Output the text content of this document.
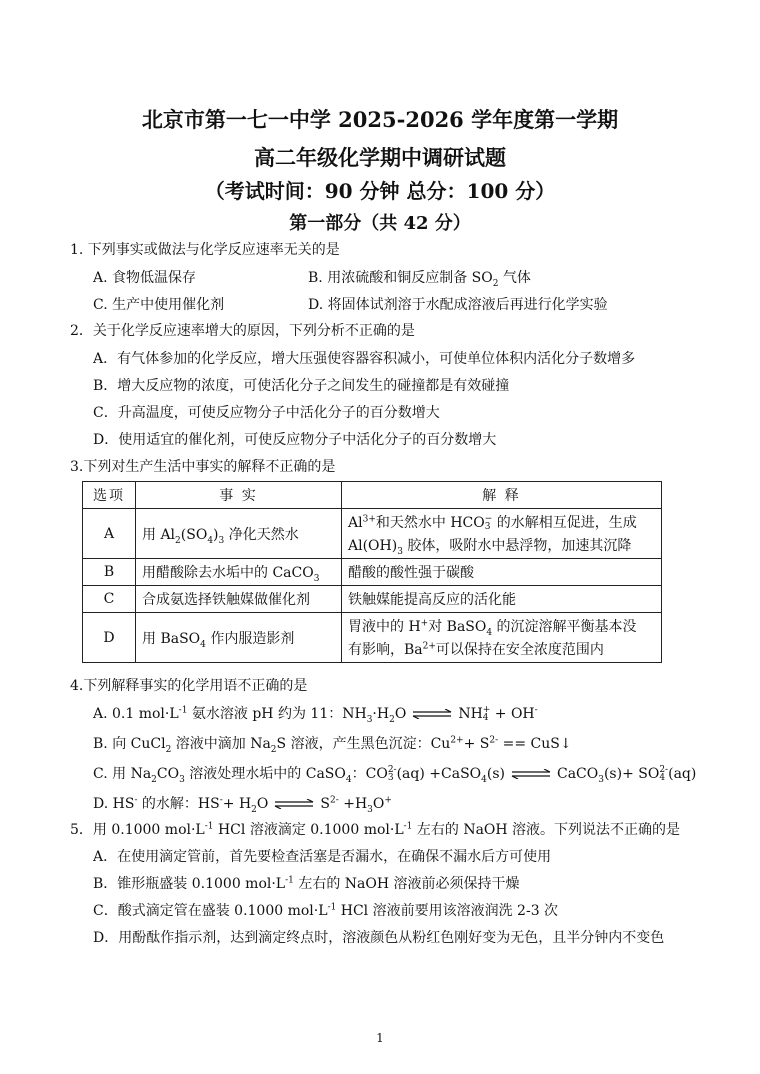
北京市第一七一中学 2025-2026 学年度第一学期
高二年级化学期中调研试题
（考试时间：90 分钟 总分：100 分）
第一部分（共 42 分）
1. 下列事实或做法与化学反应速率无关的是
A. 食物低温保存	B. 用浓硫酸和铜反应制备 $SO_2$ 气体
C. 生产中使用催化剂	D. 将固体试剂溶于水配成溶液后再进行化学实验
2．关于化学反应速率增大的原因，下列分析不正确的是
A．有气体参加的化学反应，增大压强使容器容积减小，可使单位体积内活化分子数增多
B．增大反应物的浓度，可使活化分子之间发生的碰撞都是有效碰撞
C．升高温度，可使反应物分子中活化分子的百分数增大
D．使用适宜的催化剂，可使反应物分子中活化分子的百分数增大
3.下列对生产生活中事实的解释不正确的是
选项	事 实	解 释
A	用 $Al_2(SO_4)_3$ 净化天然水	$Al^{3+}$和天然水中 HCO −
3 的水解相互促进，生成
$Al(OH)_3$ 胶体，吸附水中悬浮物，加速其沉降

B	用醋酸除去水垢中的 CaCO$_3$	醋酸的酸性强于碳酸
C	合成氨选择铁触媒做催化剂	铁触媒能提高反应的活化能
D	用 BaSO$_4$ 作内服造影剂	胃液中的 H+对 BaSO$_4$ 的沉淀溶解平衡基本没
有影响，$Ba^{2+}$可以保持在安全浓度范围内
4.下列解释事实的化学用语不正确的是
A. 0.1 $mol\cdot L^{-1}$ 氨水溶液 pH 约为 11：$NH_3\cdot H_2O$ ⇌ NH +
4 + OH-
B. 向 CuCl$_2$ 溶液中滴加 $Na_2S$ 溶液，产生黑色沉淀：$Cu^{2+}+ S^{2-}$ == CuS↓
C. 用 $Na_2CO_3$ 溶液处理水垢中的 CaSO$_4$：CO 2-
3 (aq) +CaSO$_4$(s) ⇌ CaCO$_3$(s)+ SO 2-
4 (aq)
D. HS- 的水解：$HS^-+ H_2O$ ⇌ $S^{2-} +H_3O^+$
5．用 0.1000 $mol\cdot L^{-1}$ HCl 溶液滴定 0.1000 $mol\cdot L^{-1}$ 左右的 NaOH 溶液。下列说法不正确的是
A．在使用滴定管前，首先要检查活塞是否漏水，在确保不漏水后方可使用
B．锥形瓶盛装 0.1000 $mol\cdot L^{-1}$ 左右的 NaOH 溶液前必须保持干燥
C．酸式滴定管在盛装 0.1000 $mol\cdot L^{-1}$ HCl 溶液前要用该溶液润洗 2-3 次
D．用酚酞作指示剂，达到滴定终点时，溶液颜色从粉红色刚好变为无色，且半分钟内不变色
1
